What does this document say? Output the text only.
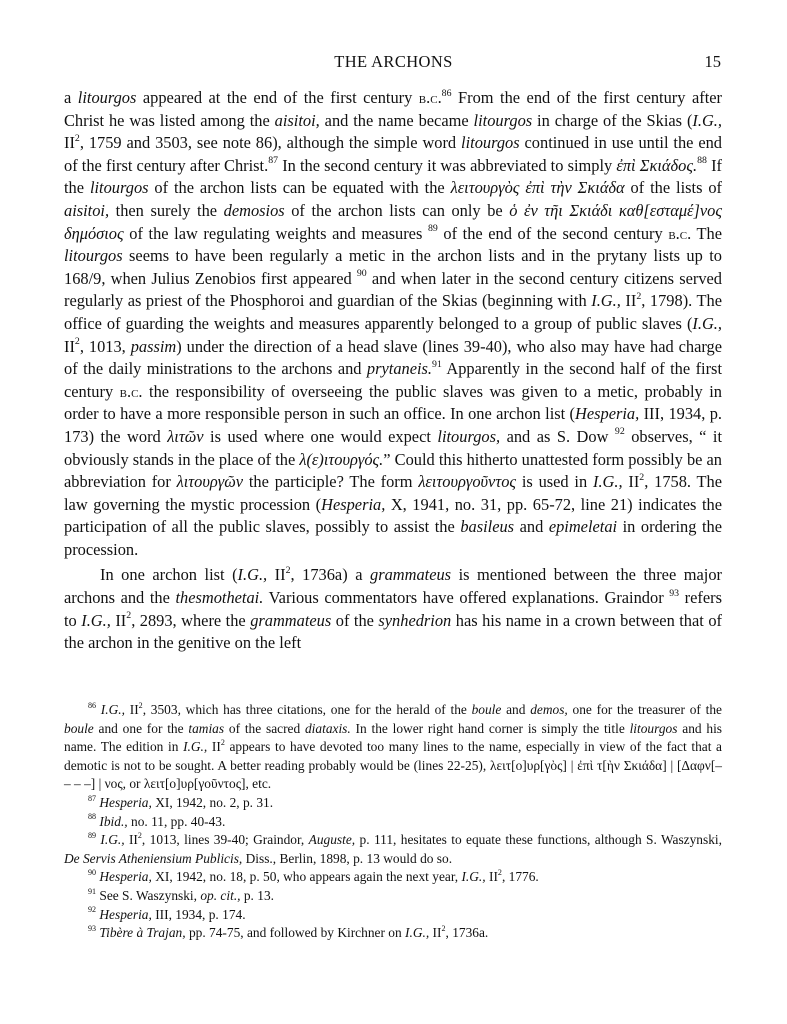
THE ARCHONS	15

a litourgos appeared at the end of the first century b.c.$^{86}$ From the end of the first century after Christ he was listed among the aisitoi, and the name became litourgos in charge of the Skias (I.G., $II^2$, 1759 and 3503, see note 86), although the simple word litourgos continued in use until the end of the first century after Christ.$^{87}$ In the second century it was abbreviated to simply ἐπὶ Σκιάδος.$^{88}$ If the litourgos of the archon lists can be equated with the λειτουργὸς ἐπὶ τὴν Σκιάδα of the lists of aisitoi, then surely the demosios of the archon lists can only be ὁ ἐν τῆι Σκιάδι καθ[εσταμέ]νος δημόσιος of the law regulating weights and measures $^{89}$ of the end of the second century b.c. The litourgos seems to have been regularly a metic in the archon lists and in the prytany lists up to 168/9, when Julius Zenobios first appeared $^{90}$ and when later in the second century citizens served regularly as priest of the Phosphoroi and guardian of the Skias (beginning with I.G., $II^2$, 1798). The office of guarding the weights and measures apparently belonged to a group of public slaves (I.G., $II^2$, 1013, passim) under the direction of a head slave (lines 39-40), who also may have had charge of the daily ministrations to the archons and prytaneis.$^{91}$ Apparently in the second half of the first century b.c. the responsibility of overseeing the public slaves was given to a metic, probably in order to have a more responsible person in such an office. In one archon list (Hesperia, III, 1934, p. 173) the word λιτῶν is used where one would expect litourgos, and as S. Dow $^{92}$ observes, “ it obviously stands in the place of the λ(ε)ιτουργός.” Could this hitherto unattested form possibly be an abbreviation for λιτουργῶν the participle? The form λειτουργοῦντος is used in I.G., $II^2$, 1758. The law governing the mystic procession (Hesperia, X, 1941, no. 31, pp. 65-72, line 21) indicates the participation of all the public slaves, possibly to assist the basileus and epimeletai in ordering the procession.

In one archon list (I.G., $II^2$, 1736a) a grammateus is mentioned between the three major archons and the thesmothetai. Various commentators have offered explanations. Graindor $^{93}$ refers to I.G., $II^2$, 2893, where the grammateus of the synhedrion has his name in a crown between that of the archon in the genitive on the left

$^{86}$ I.G., $II^2$, 3503, which has three citations, one for the herald of the boule and demos, one for the treasurer of the boule and one for the tamias of the sacred diataxis. In the lower right hand corner is simply the title litourgos and his name. The edition in I.G., $II^2$ appears to have devoted too many lines to the name, especially in view of the fact that a demotic is not to be sought. A better reading probably would be (lines 22-25), λειτ[ο]υρ[γὸς] | ἐπὶ τ[ὴν Σκιάδα] | [Δαφν[– – – –] | νος, or λειτ[ο]υρ[γοῦντος], etc.

$^{87}$ Hesperia, XI, 1942, no. 2, p. 31.

$^{88}$ Ibid., no. 11, pp. 40-43.

$^{89}$ I.G., $II^2$, 1013, lines 39-40; Graindor, Auguste, p. 111, hesitates to equate these functions, although S. Waszynski, De Servis Atheniensium Publicis, Diss., Berlin, 1898, p. 13 would do so.

$^{90}$ Hesperia, XI, 1942, no. 18, p. 50, who appears again the next year, I.G., $II^2$, 1776.

$^{91}$ See S. Waszynski, op. cit., p. 13.

$^{92}$ Hesperia, III, 1934, p. 174.

$^{93}$ Tibère à Trajan, pp. 74-75, and followed by Kirchner on I.G., $II^2$, 1736a.
